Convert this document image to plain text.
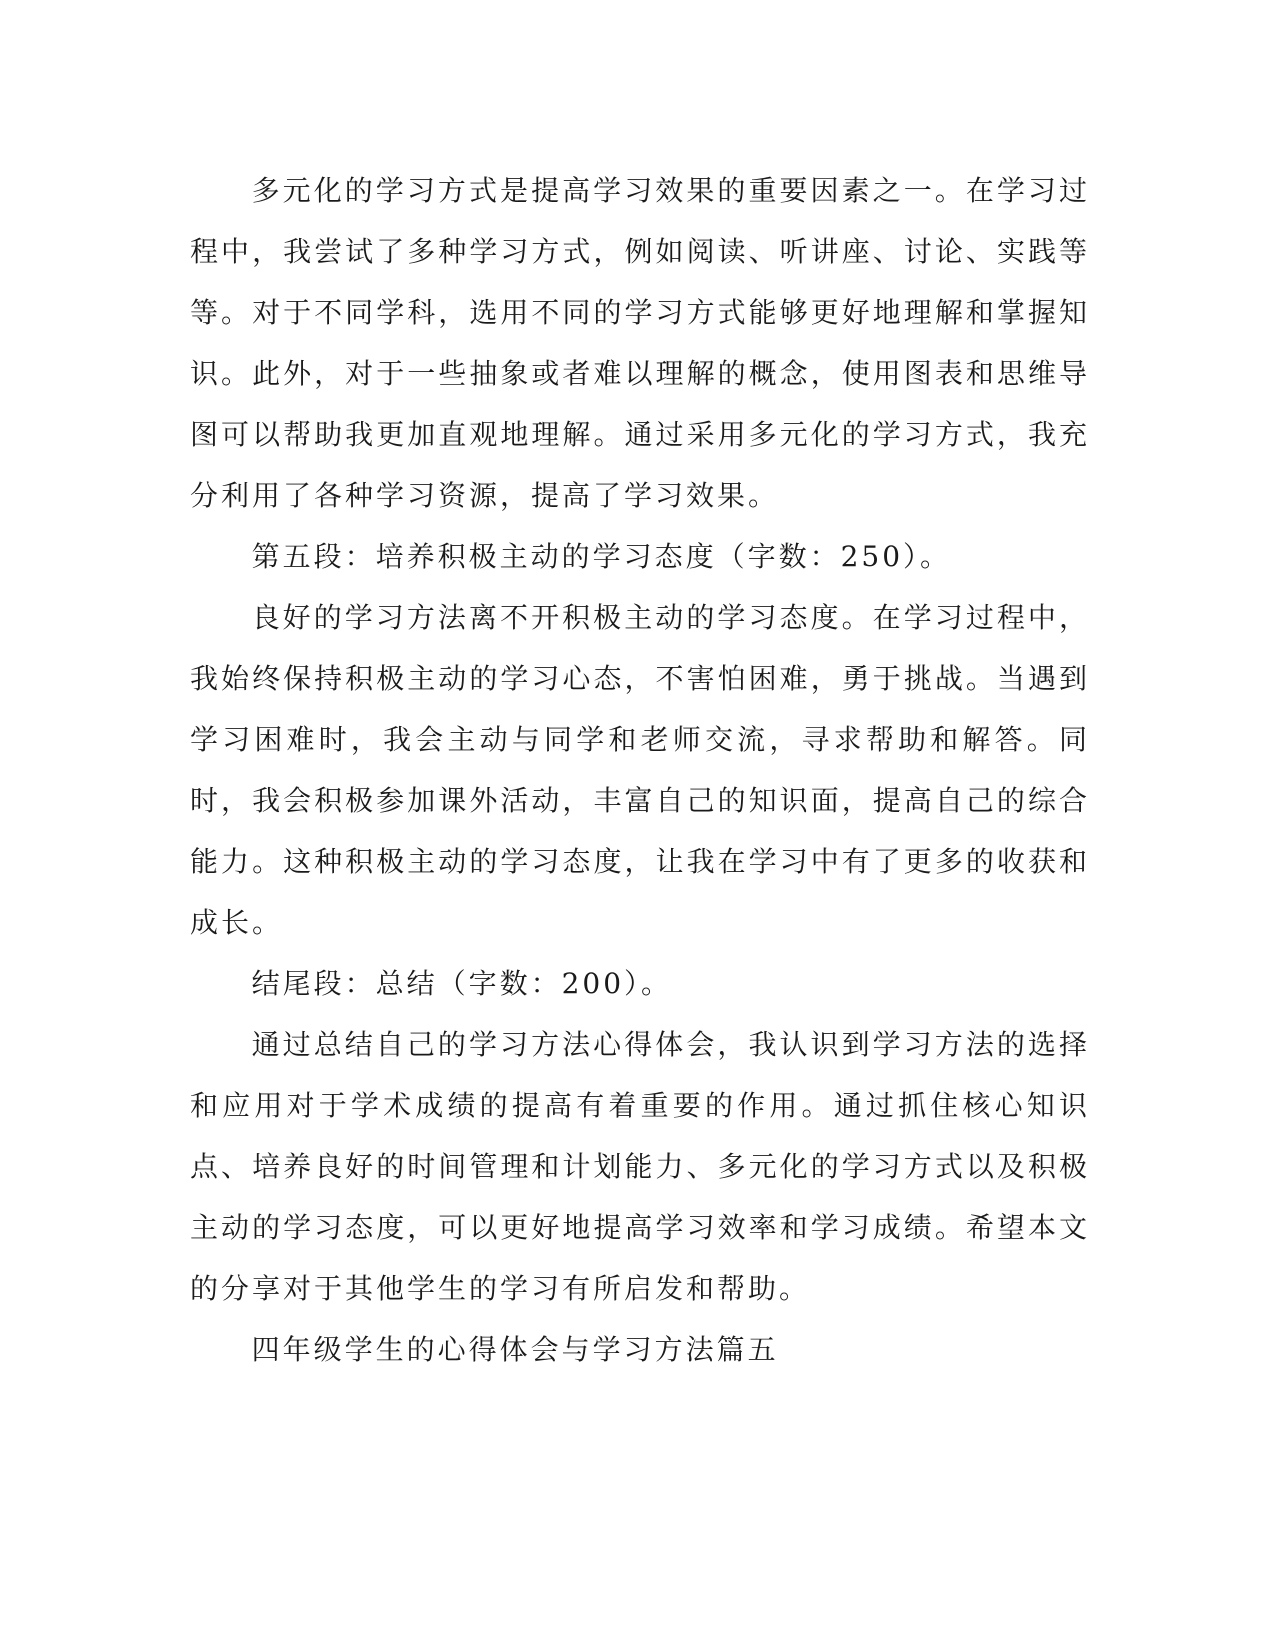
多元化的学习方式是提高学习效果的重要因素之一。在学习过程中，我尝试了多种学习方式，例如阅读、听讲座、讨论、实践等等。对于不同学科，选用不同的学习方式能够更好地理解和掌握知识。此外，对于一些抽象或者难以理解的概念，使用图表和思维导图可以帮助我更加直观地理解。通过采用多元化的学习方式，我充分利用了各种学习资源，提高了学习效果。

第五段：培养积极主动的学习态度（字数：250）。

良好的学习方法离不开积极主动的学习态度。在学习过程中，我始终保持积极主动的学习心态，不害怕困难，勇于挑战。当遇到学习困难时，我会主动与同学和老师交流，寻求帮助和解答。同时，我会积极参加课外活动，丰富自己的知识面，提高自己的综合能力。这种积极主动的学习态度，让我在学习中有了更多的收获和成长。

结尾段：总结（字数：200）。

通过总结自己的学习方法心得体会，我认识到学习方法的选择和应用对于学术成绩的提高有着重要的作用。通过抓住核心知识点、培养良好的时间管理和计划能力、多元化的学习方式以及积极主动的学习态度，可以更好地提高学习效率和学习成绩。希望本文的分享对于其他学生的学习有所启发和帮助。

四年级学生的心得体会与学习方法篇五
